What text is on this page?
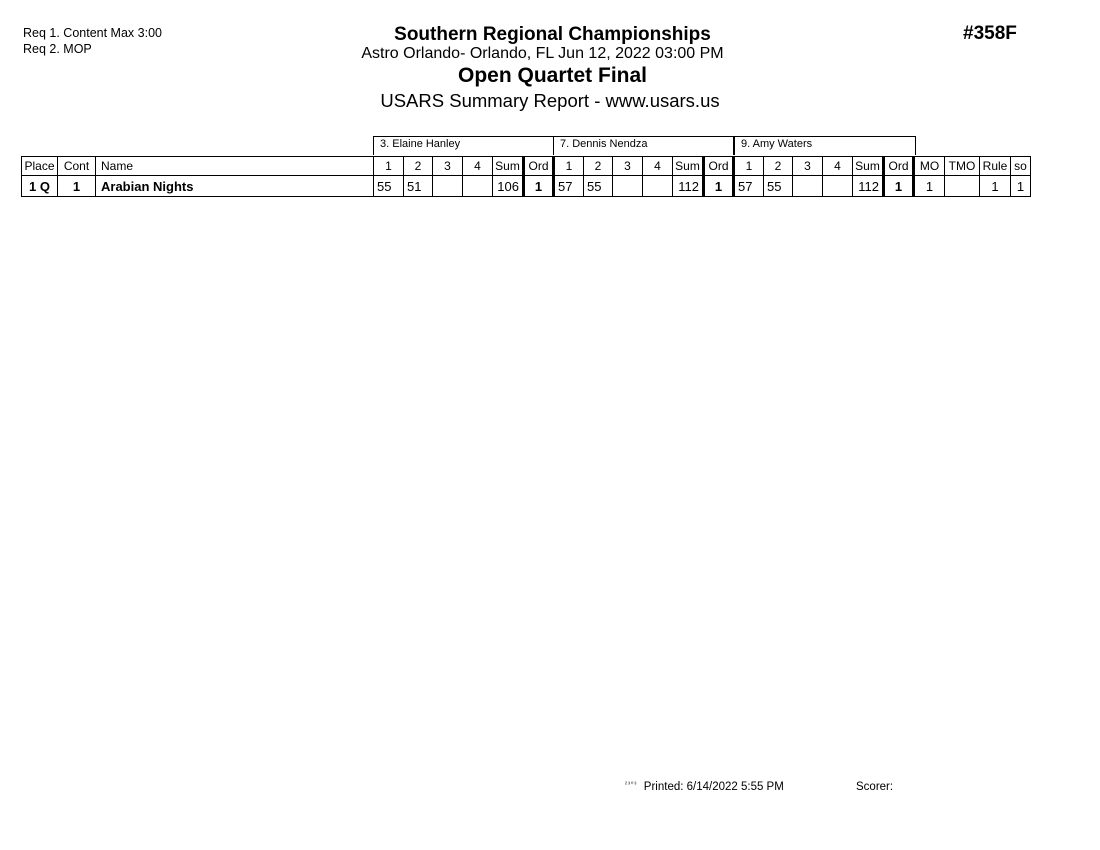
Req 1. Content Max 3:00
Req 2. MOP
#358F
Southern Regional Championships
Astro Orlando- Orlando, FL Jun 12, 2022 03:00 PM
Open Quartet Final
USARS Summary Report - www.usars.us
3. Elaine Hanley	7. Dennis Nendza	9. Amy Waters
Place	Cont	Name	1	2	3	4	Sum	Ord	1	2	3	4	Sum	Ord	1	2	3	4	Sum	Ord	MO	TMO	Rule	so
1 Q	1	Arabian Nights	55	51			106	1	57	55			112	1	57	55			112	1	1		1	1
$^{^{2303}}$ Printed: 6/14/2022 5:55 PM	Scorer:
